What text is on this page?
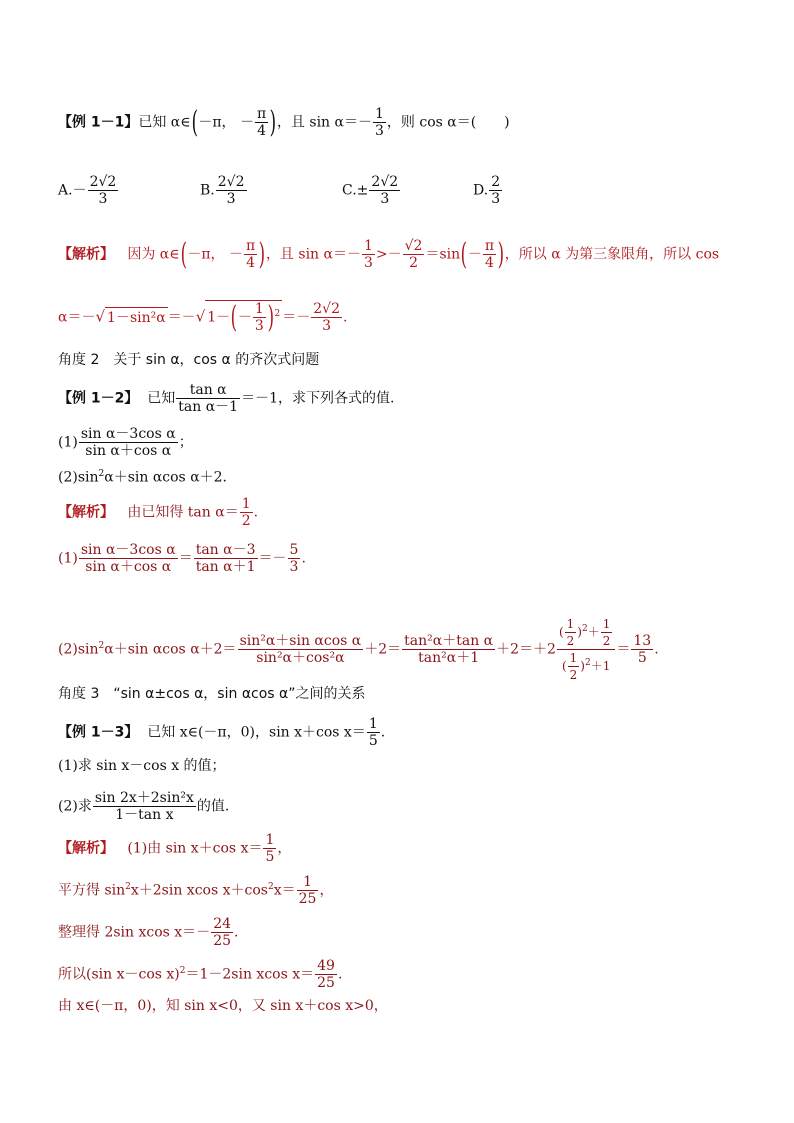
【例 1－1】已知 α∈(－π， － $\frac{\pi}{4}$ )，且 $\sin \alpha=- \frac{1}{3}$ ，则 cos α＝(　　)
$A.- \frac{2√2}{3}$	B. $\frac{2√2}{3}$	$C.\pm \frac{2√2}{3}$	D. $\frac{2}{3}$
【解析】 因为 α∈(－π， － $\frac{\pi}{4}$ )，且 $\sin \alpha=- \frac{1}{3} >- \frac{√2}{2} =\sin(- \frac{\pi}{4}$ )，所以 α 为第三象限角，所以 cos
α＝－√ 1－sin²α ＝－√ $1-(- \frac{1}{3} )^2 =- \frac{2√2}{3}$ .
角度 2　关于 sin α，cos α 的齐次式问题
【例 1－2】 已知 $\frac{\text{tan α}}{\text{tan α－1}} =-1$，求下列各式的值.
$(1) \frac{\text{sin α－3cos α}}{\text{sin α＋cos α}}$ ；
$(2)\sin^2\alpha+\sin$ αcos α＋2.
【解析】 由已知得 $\tan \alpha= \frac{1}{2}$ .
$(1) \frac{\text{sin α－3cos α}}{\text{sin α＋cos α}} = \frac{\text{tan α－3}}{\text{tan α＋1}} =- \frac{5}{3}$ .
$(2)\sin^2\alpha+\sin$ αcos $\alpha+2= \frac{\text{sin²α＋sin αcos α}}{\text{sin²α＋cos²α}} +2= \frac{\text{tan²α＋tan α}}{\text{tan²α＋1}} +2=+2 \frac{( \frac{1}{2} )^2+ \frac{1}{2}}{( \frac{1}{2} )^2+1} = \frac{13}{5}$ .
角度 3　“sin α±cos α，sin αcos α”之间的关系
【例 1－3】 已知 x∈(－π，0)，sin x＋cos $x= \frac{1}{5}$ .
(1)求 sin x－cos x 的值；
(2)求 $\frac{\text{sin 2x＋2sin²x}}{\text{1－tan x}}$ 的值.
【解析】 (1)由 sin x＋cos $x= \frac{1}{5}$ ，
平方得 $\sin^2x+2\sin$ xcos $x+\cos^2x= \frac{1}{25}$ ，
整理得 2sin xcos $x=- \frac{24}{25}$ .
所以(sin x－cos x)$^2$＝1－2sin xcos $x= \frac{49}{25}$ .
由 x∈(－π，0)，知 sin x<0，又 sin x＋cos x>0，
